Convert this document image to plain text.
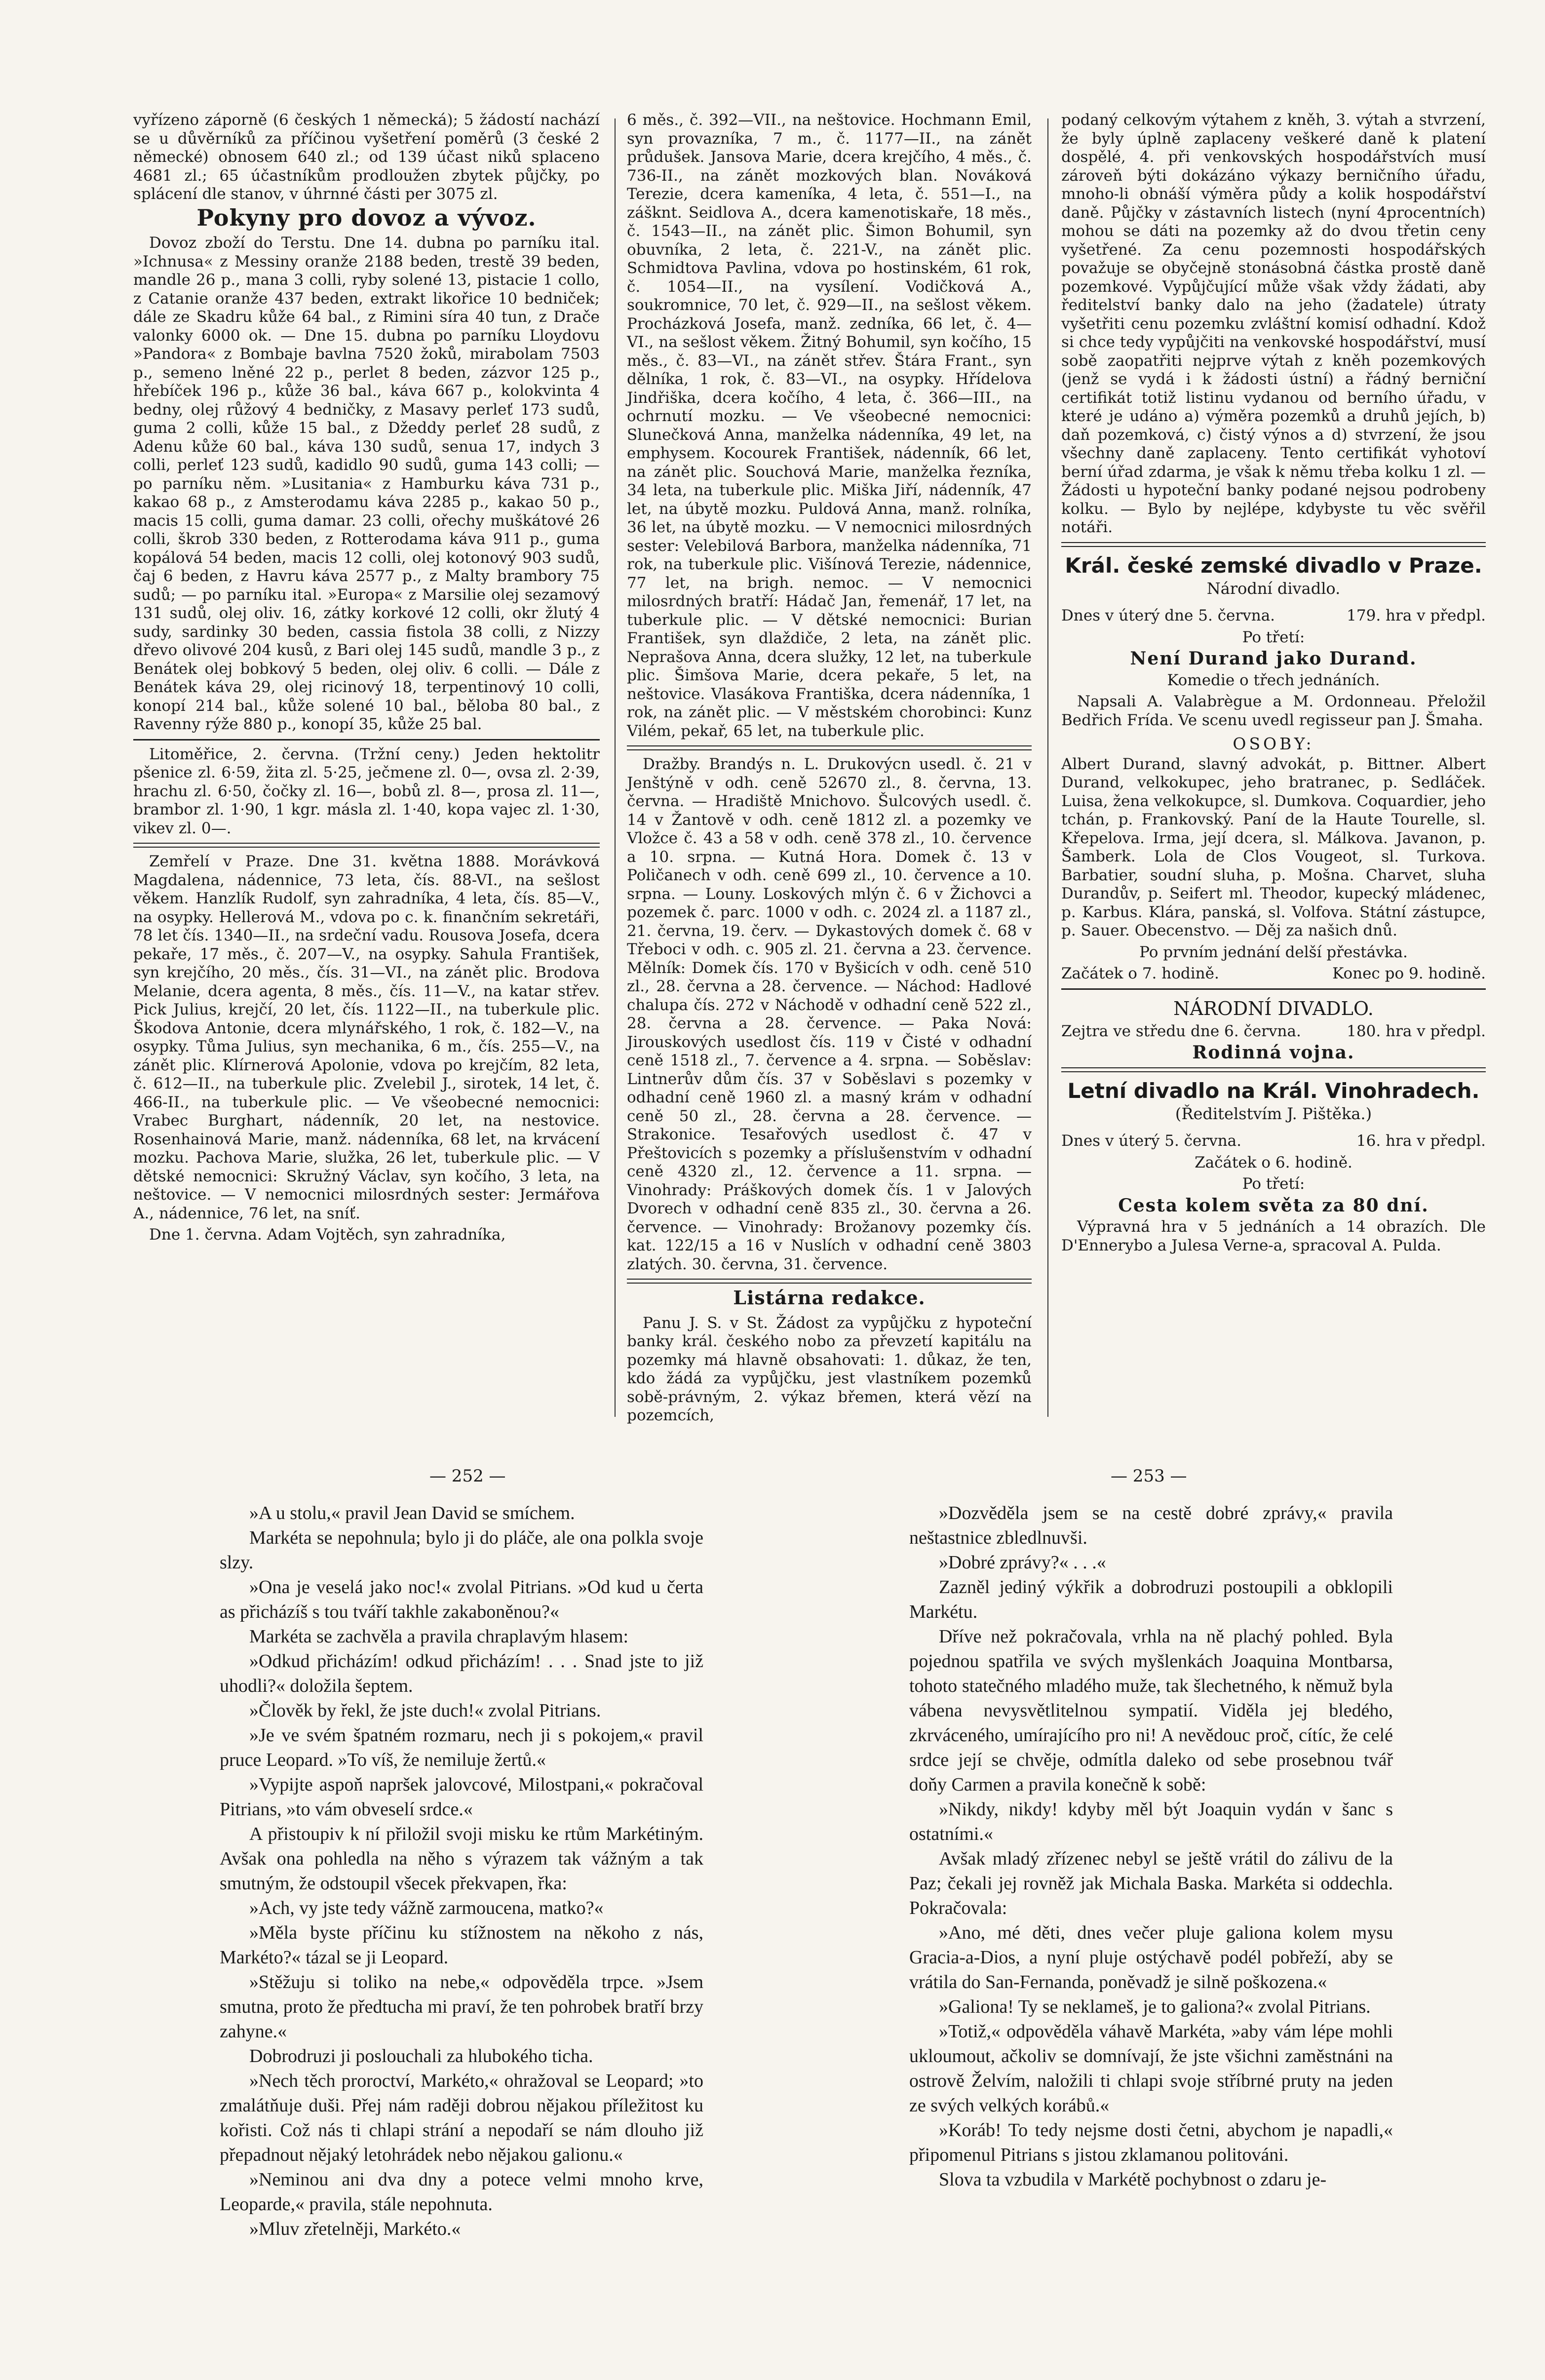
vyřízeno záporně (6 českých 1 německá); 5 žádostí nachází se u důvěrníků za příčinou vyšetření poměrů (3 české 2 německé) obnosem 640 zl.; od 139 účast niků splaceno 4681 zl.; 65 účastníkům prodloužen zbytek půjčky, po splácení dle stanov, v úhrnné části per 3075 zl.

Pokyny pro dovoz a vývoz.

Dovoz zboží do Terstu. Dne 14. dubna po parníku ital. »Ichnusa« z Messiny oranže 2188 beden, trestě 39 beden, mandle 26 p., mana 3 colli, ryby solené 13, pistacie 1 collo, z Catanie oranže 437 beden, extrakt likořice 10 bedniček; dále ze Skadru kůže 64 bal., z Rimini síra 40 tun, z Drače valonky 6000 ok. — Dne 15. dubna po parníku Lloydovu »Pandora« z Bombaje bavlna 7520 žoků, mirabolam 7503 p., semeno lněné 22 p., perlet 8 beden, zázvor 125 p., hřebíček 196 p., kůže 36 bal., káva 667 p., kolokvinta 4 bedny, olej růžový 4 bedničky, z Masavy perleť 173 sudů, guma 2 colli, kůže 15 bal., z Džeddy perleť 28 sudů, z Adenu kůže 60 bal., káva 130 sudů, senua 17, indych 3 colli, perleť 123 sudů, kadidlo 90 sudů, guma 143 colli; — po parníku něm. »Lusitania« z Hamburku káva 731 p., kakao 68 p., z Amsterodamu káva 2285 p., kakao 50 p., macis 15 colli, guma damar. 23 colli, ořechy muškátové 26 colli, škrob 330 beden, z Rotterodama káva 911 p., guma kopálová 54 beden, macis 12 colli, olej kotonový 903 sudů, čaj 6 beden, z Havru káva 2577 p., z Malty brambory 75 sudů; — po parníku ital. »Europa« z Marsilie olej sezamový 131 sudů, olej oliv. 16, zátky korkové 12 colli, okr žlutý 4 sudy, sardinky 30 beden, cassia fistola 38 colli, z Nizzy dřevo olivové 204 kusů, z Bari olej 145 sudů, mandle 3 p., z Benátek olej bobkový 5 beden, olej oliv. 6 colli. — Dále z Benátek káva 29, olej ricinový 18, terpentinový 10 colli, konopí 214 bal., kůže solené 10 bal., běloba 80 bal., z Ravenny rýže 880 p., konopí 35, kůže 25 bal.

Litoměřice, 2. června. (Tržní ceny.) Jeden hektolitr pšenice zl. 6·59, žita zl. 5·25, ječmene zl. 0—, ovsa zl. 2·39, hrachu zl. 6·50, čočky zl. 16—, bobů zl. 8—, prosa zl. 11—, brambor zl. 1·90, 1 kgr. másla zl. 1·40, kopa vajec zl. 1·30, vikev zl. 0—.

Zemřelí v Praze. Dne 31. května 1888. Morávková Magdalena, nádennice, 73 leta, čís. 88-VI., na sešlost věkem. Hanzlík Rudolf, syn zahradníka, 4 leta, čís. 85—V., na osypky. Hellerová M., vdova po c. k. finančním sekretáři, 78 let čís. 1340—II., na srdeční vadu. Rousova Josefa, dcera pekaře, 17 měs., č. 207—V., na osypky. Sahula František, syn krejčího, 20 měs., čís. 31—VI., na zánět plic. Brodova Melanie, dcera agenta, 8 měs., čís. 11—V., na katar střev. Pick Julius, krejčí, 20 let, čís. 1122—II., na tuberkule plic. Škodova Antonie, dcera mlynářského, 1 rok, č. 182—V., na osypky. Tůma Julius, syn mechanika, 6 m., čís. 255—V., na zánět plic. Klírnerová Apolonie, vdova po krejčím, 82 leta, č. 612—II., na tuberkule plic. Zvelebil J., sirotek, 14 let, č. 466-II., na tuberkule plic. — Ve všeobecné nemocnici: Vrabec Burghart, nádenník, 20 let, na nestovice. Rosenhainová Marie, manž. nádenníka, 68 let, na krvácení mozku. Pachova Marie, služka, 26 let, tuberkule plic. — V dětské nemocnici: Skružný Václav, syn kočího, 3 leta, na neštovice. — V nemocnici milosrdných sester: Jermářova A., nádennice, 76 let, na sníť.

Dne 1. června. Adam Vojtěch, syn zahradníka,

6 měs., č. 392—VII., na neštovice. Hochmann Emil, syn provazníka, 7 m., č. 1177—II., na zánět průdušek. Jansova Marie, dcera krejčího, 4 měs., č. 736-II., na zánět mozkových blan. Nováková Terezie, dcera kameníka, 4 leta, č. 551—I., na zášknt. Seidlova A., dcera kamenotiskaře, 18 měs., č. 1543—II., na zánět plic. Šimon Bohumil, syn obuvníka, 2 leta, č. 221-V., na zánět plic. Schmidtova Pavlina, vdova po hostinském, 61 rok, č. 1054—II., na vysílení. Vodičková A., soukromnice, 70 let, č. 929—II., na sešlost věkem. Procházková Josefa, manž. zedníka, 66 let, č. 4—VI., na sešlost věkem. Žitný Bohumil, syn kočího, 15 měs., č. 83—VI., na zánět střev. Štára Frant., syn dělníka, 1 rok, č. 83—VI., na osypky. Hřídelova Jindřiška, dcera kočího, 4 leta, č. 366—III., na ochrnutí mozku. — Ve všeobecné nemocnici: Slunečková Anna, manželka nádenníka, 49 let, na emphysem. Kocourek František, nádenník, 66 let, na zánět plic. Souchová Marie, manželka řezníka, 34 leta, na tuberkule plic. Miška Jiří, nádenník, 47 let, na úbytě mozku. Puldová Anna, manž. rolníka, 36 let, na úbytě mozku. — V nemocnici milosrdných sester: Velebilová Barbora, manželka nádenníka, 71 rok, na tuberkule plic. Višínová Terezie, nádennice, 77 let, na brigh. nemoc. — V nemocnici milosrdných bratří: Hádač Jan, řemenář, 17 let, na tuberkule plic. — V dětské nemocnici: Burian František, syn dlaždiče, 2 leta, na zánět plic. Neprašova Anna, dcera služky, 12 let, na tuberkule plic. Šimšova Marie, dcera pekaře, 5 let, na neštovice. Vlasákova Františka, dcera nádenníka, 1 rok, na zánět plic. — V městském chorobinci: Kunz Vilém, pekař, 65 let, na tuberkule plic.

Dražby. Brandýs n. L. Drukovýcn usedl. č. 21 v Jenštýně v odh. ceně 52670 zl., 8. června, 13. června. — Hradiště Mnichovo. Šulcových usedl. č. 14 v Žantově v odh. ceně 1812 zl. a pozemky ve Vložce č. 43 a 58 v odh. ceně 378 zl., 10. července a 10. srpna. — Kutná Hora. Domek č. 13 v Poličanech v odh. ceně 699 zl., 10. července a 10. srpna. — Louny. Loskových mlýn č. 6 v Žichovci a pozemek č. parc. 1000 v odh. c. 2024 zl. a 1187 zl., 21. června, 19. červ. — Dykastových domek č. 68 v Třeboci v odh. c. 905 zl. 21. června a 23. července. Mělník: Domek čís. 170 v Byšicích v odh. ceně 510 zl., 28. června a 28. července. — Náchod: Hadlové chalupa čís. 272 v Náchodě v odhadní ceně 522 zl., 28. června a 28. července. — Paka Nová: Jirouskových usedlost čís. 119 v Čisté v odhadní ceně 1518 zl., 7. července a 4. srpna. — Soběslav: Lintnerův dům čís. 37 v Soběslavi s pozemky v odhadní ceně 1960 zl. a masný krám v odhadní ceně 50 zl., 28. června a 28. července. — Strakonice. Tesařových usedlost č. 47 v Přeštovicích s pozemky a příslušenstvím v odhadní ceně 4320 zl., 12. července a 11. srpna. — Vinohrady: Práškových domek čís. 1 v Jalových Dvorech v odhadní ceně 835 zl., 30. června a 26. července. — Vinohrady: Brožanovy pozemky čís. kat. 122/15 a 16 v Nuslích v odhadní ceně 3803 zlatých. 30. června, 31. července.

Listárna redakce.

Panu J. S. v St. Žádost za vypůjčku z hypoteční banky král. českého nobo za převzetí kapitálu na pozemky má hlavně obsahovati: 1. důkaz, že ten, kdo žádá za vypůjčku, jest vlastníkem pozemků sobě-právným, 2. výkaz břemen, která vězí na pozemcích,

podaný celkovým výtahem z kněh, 3. výtah a stvrzení, že byly úplně zaplaceny veškeré daně k platení dospělé, 4. při venkovských hospodářstvích musí zároveň býti dokázáno výkazy berničního úřadu, mnoho-li obnáší výměra půdy a kolik hospodářství daně. Půjčky v zástavních listech (nyní 4procentních) mohou se dáti na pozemky až do dvou třetin ceny vyšetřené. Za cenu pozemnosti hospodářských považuje se obyčejně stonásobná částka prostě daně pozemkové. Vypůjčující může však vždy žádati, aby ředitelství banky dalo na jeho (žadatele) útraty vyšetřiti cenu pozemku zvláštní komisí odhadní. Kdož si chce tedy vypůjčiti na venkovské hospodářství, musí sobě zaopatřiti nejprve výtah z kněh pozemkových (jenž se vydá i k žádosti ústní) a řádný berniční certifikát totiž listinu vydanou od berního úřadu, v které je udáno a) výměra pozemků a druhů jejích, b) daň pozemková, c) čistý výnos a d) stvrzení, že jsou všechny daně zaplaceny. Tento certifikát vyhotoví berní úřad zdarma, je však k němu třeba kolku 1 zl. — Žádosti u hypoteční banky podané nejsou podrobeny kolku. — Bylo by nejlépe, kdybyste tu věc svěřil notáři.

Král. české zemské divadlo v Praze.
Národní divadlo.
Dnes v úterý dne 5. června.	179. hra v předpl.
Po třetí:
Není Durand jako Durand.
Komedie o třech jednáních.

Napsali A. Valabrègue a M. Ordonneau. Přeložil Bedřich Frída. Ve scenu uvedl regisseur pan J. Šmaha.

OSOBY:

Albert Durand, slavný advokát, p. Bittner. Albert Durand, velkokupec, jeho bratranec, p. Sedláček. Luisa, žena velkokupce, sl. Dumkova. Coquardier, jeho tchán, p. Frankovský. Paní de la Haute Tourelle, sl. Křepelova. Irma, její dcera, sl. Málkova. Javanon, p. Šamberk. Lola de Clos Vougeot, sl. Turkova. Barbatier, soudní sluha, p. Mošna. Charvet, sluha Durandův, p. Seifert ml. Theodor, kupecký mládenec, p. Karbus. Klára, panská, sl. Volfova. Státní zástupce, p. Sauer. Obecenstvo. — Děj za našich dnů.

Po prvním jednání delší přestávka.
Začátek o 7. hodině.	Konec po 9. hodině.
NÁRODNÍ DIVADLO.
Zejtra ve středu dne 6. června.	180. hra v předpl.
Rodinná vojna.
Letní divadlo na Král. Vinohradech.
(Ředitelstvím J. Pištěka.)
Dnes v úterý 5. června.	16. hra v předpl.
Začátek o 6. hodině.
Po třetí:
Cesta kolem světa za 80 dní.

Výpravná hra v 5 jednáních a 14 obrazích. Dle D'Ennerybo a Julesa Verne-a, spracoval A. Pulda.

— 252 —	— 253 —

»A u stolu,« pravil Jean David se smíchem.

Markéta se nepohnula; bylo ji do pláče, ale ona polkla svoje slzy.

»Ona je veselá jako noc!« zvolal Pitrians. »Od kud u čerta as přicházíš s tou tváří takhle zakaboněnou?«

Markéta se zachvěla a pravila chraplavým hlasem:

»Odkud přicházím! odkud přicházím! . . . Snad jste to již uhodli?« doložila šeptem.

»Člověk by řekl, že jste duch!« zvolal Pitrians.

»Je ve svém špatném rozmaru, nech ji s pokojem,« pravil pruce Leopard. »To víš, že nemiluje žertů.«

»Vypijte aspoň napršek jalovcové, Milostpani,« pokračoval Pitrians, »to vám obveselí srdce.«

A přistoupiv k ní přiložil svoji misku ke rtům Markétiným. Avšak ona pohledla na něho s výrazem tak vážným a tak smutným, že odstoupil všecek překvapen, řka:

»Ach, vy jste tedy vážně zarmoucena, matko?«

»Měla byste příčinu ku stížnostem na někoho z nás, Markéto?« tázal se ji Leopard.

»Stěžuju si toliko na nebe,« odpověděla trpce. »Jsem smutna, proto že předtucha mi praví, že ten pohrobek bratří brzy zahyne.«

Dobrodruzi ji poslouchali za hlubokého ticha.

»Nech těch proroctví, Markéto,« ohražoval se Leopard; »to zmalátňuje duši. Přej nám raději dobrou nějakou příležitost ku kořisti. Což nás ti chlapi strání a nepodaří se nám dlouho již přepadnout nějaký letohrádek nebo nějakou galionu.«

»Neminou ani dva dny a potece velmi mnoho krve, Leoparde,« pravila, stále nepohnuta.

»Mluv zřetelněji, Markéto.«

»Dozvěděla jsem se na cestě dobré zprávy,« pravila neštastnice zbledlnuvši.

»Dobré zprávy?« . . .«

Zazněl jediný výkřik a dobrodruzi postoupili a obklopili Markétu.

Dříve než pokračovala, vrhla na ně plachý pohled. Byla pojednou spatřila ve svých myšlenkách Joaquina Montbarsa, tohoto statečného mladého muže, tak šlechetného, k němuž byla vábena nevysvětlitelnou sympatií. Viděla jej bledého, zkrváceného, umírajícího pro ni! A nevědouc proč, cítíc, že celé srdce její se chvěje, odmítla daleko od sebe prosebnou tvář doňy Carmen a pravila konečně k sobě:

»Nikdy, nikdy! kdyby měl být Joaquin vydán v šanc s ostatními.«

Avšak mladý zřízenec nebyl se ještě vrátil do zálivu de la Paz; čekali jej rovněž jak Michala Baska. Markéta si oddechla. Pokračovala:

»Ano, mé děti, dnes večer pluje galiona kolem mysu Gracia-a-Dios, a nyní pluje ostýchavě podél pobřeží, aby se vrátila do San-Fernanda, poněvadž je silně poškozena.«

»Galiona! Ty se neklameš, je to galiona?« zvolal Pitrians.

»Totiž,« odpověděla váhavě Markéta, »aby vám lépe mohli ukloumout, ačkoliv se domnívají, že jste všichni zaměstnáni na ostrově Želvím, naložili ti chlapi svoje stříbrné pruty na jeden ze svých velkých korábů.«

»Koráb! To tedy nejsme dosti četni, abychom je napadli,« připomenul Pitrians s jistou zklamanou politováni.

Slova ta vzbudila v Markétě pochybnost o zdaru je-
